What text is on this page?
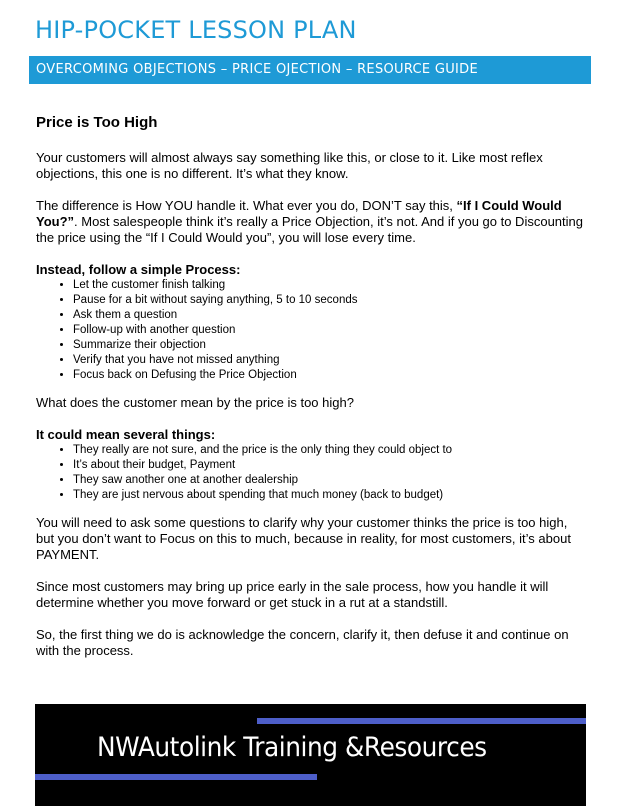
HIP-POCKET LESSON PLAN
OVERCOMING OBJECTIONS – PRICE OJECTION – RESOURCE GUIDE
Price is Too High

Your customers will almost always say something like this, or close to it. Like most reflex objections, this one is no different. It’s what they know.

The difference is How YOU handle it. What ever you do, DON’T say this, “If I Could Would You?”. Most salespeople think it’s really a Price Objection, it’s not. And if you go to Discounting the price using the “If I Could Would you”, you will lose every time.

Instead, follow a simple Process:
• Let the customer finish talking
• Pause for a bit without saying anything, 5 to 10 seconds
• Ask them a question
• Follow-up with another question
• Summarize their objection
• Verify that you have not missed anything
• Focus back on Defusing the Price Objection

What does the customer mean by the price is too high?

It could mean several things:
• They really are not sure, and the price is the only thing they could object to
• It’s about their budget, Payment
• They saw another one at another dealership
• They are just nervous about spending that much money (back to budget)

You will need to ask some questions to clarify why your customer thinks the price is too high, but you don’t want to Focus on this to much, because in reality, for most customers, it’s about PAYMENT.

Since most customers may bring up price early in the sale process, how you handle it will determine whether you move forward or get stuck in a rut at a standstill.

So, the first thing we do is acknowledge the concern, clarify it, then defuse it and continue on with the process.

NWAutolink Training &Resources
